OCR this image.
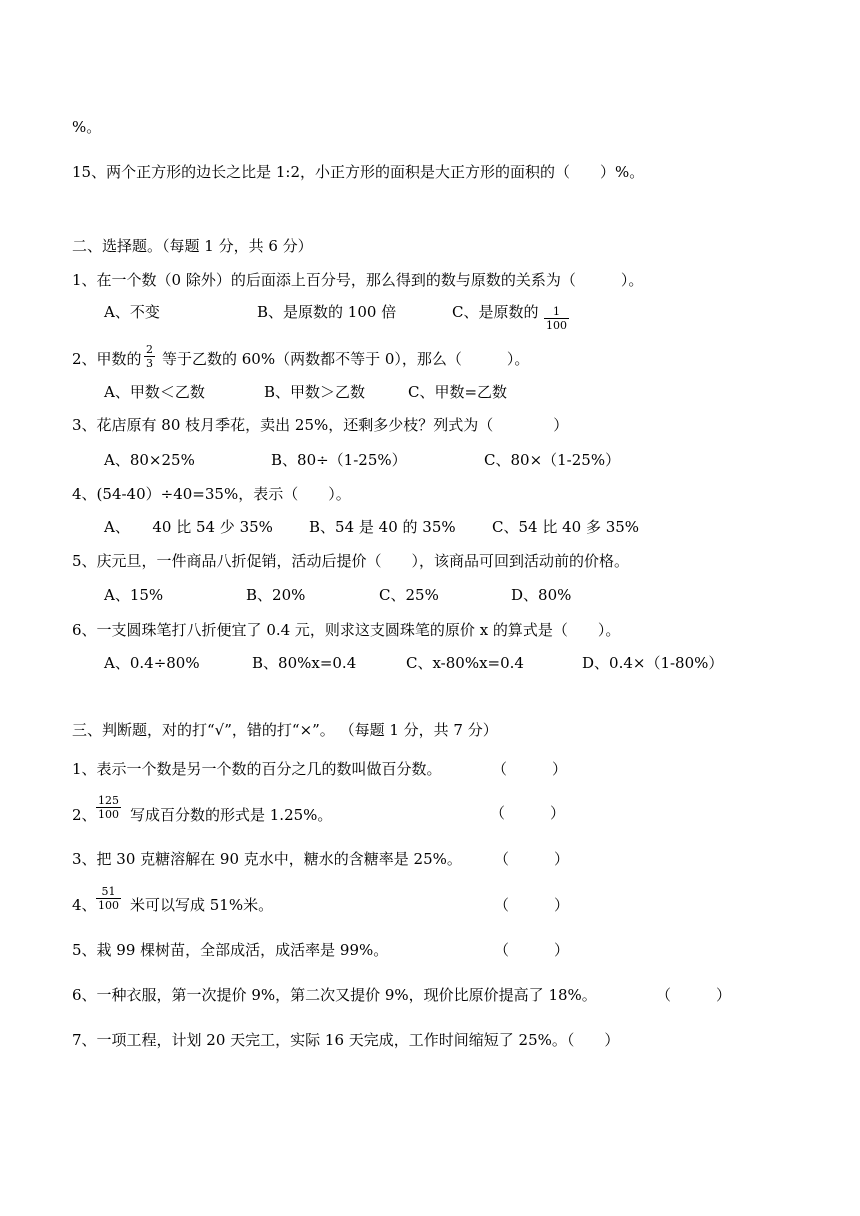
%。
15、两个正方形的边长之比是 1:2，小正方形的面积是大正方形的面积的（　　）%。
二、选择题。（每题 1 分，共 6 分）
1、在一个数（0 除外）的后面添上百分号，那么得到的数与原数的关系为（　　　）。
A、不变	B、是原数的 100 倍	C、是原数的 $\frac{1}{100}$
2、甲数的 $\frac{2}{3}$ 等于乙数的 60%（两数都不等于 0），那么（　　　）。
A、甲数＜乙数	B、甲数＞乙数	C、甲数=乙数
3、花店原有 80 枝月季花，卖出 25%，还剩多少枝？列式为（　　　　）
A、80×25%	B、80÷（1-25%）	C、80×（1-25%）
4、(54-40）÷40=35%，表示（　　）。
A、　　40 比 54 少 35% B、54 是 40 的 35% C、54 比 40 多 35%
5、庆元旦，一件商品八折促销，活动后提价（　　），该商品可回到活动前的价格。
A、15%	B、20%	C、25%	D、80%
6、一支圆珠笔打八折便宜了 0.4 元，则求这支圆珠笔的原价 x 的算式是（　　）。
A、0.4÷80%	B、80%x=0.4	C、x-80%x=0.4	D、0.4×（1-80%）
三、判断题，对的打“√”，错的打“×”。 （每题 1 分，共 7 分）
1、表示一个数是另一个数的百分之几的数叫做百分数。	（　　　）
2、 $\frac{125}{100}$ 写成百分数的形式是 1.25%。	（　　　）
3、把 30 克糖溶解在 90 克水中，糖水的含糖率是 25%。 （　　　）
4、 $\frac{51}{100}$ 米可以写成 51%米。	（　　　）
5、栽 99 棵树苗，全部成活，成活率是 99%。	（　　　）
6、一种衣服，第一次提价 9%，第二次又提价 9%，现价比原价提高了 18%。	（　　　）
7、一项工程，计划 20 天完工，实际 16 天完成，工作时间缩短了 25%。（　　）
